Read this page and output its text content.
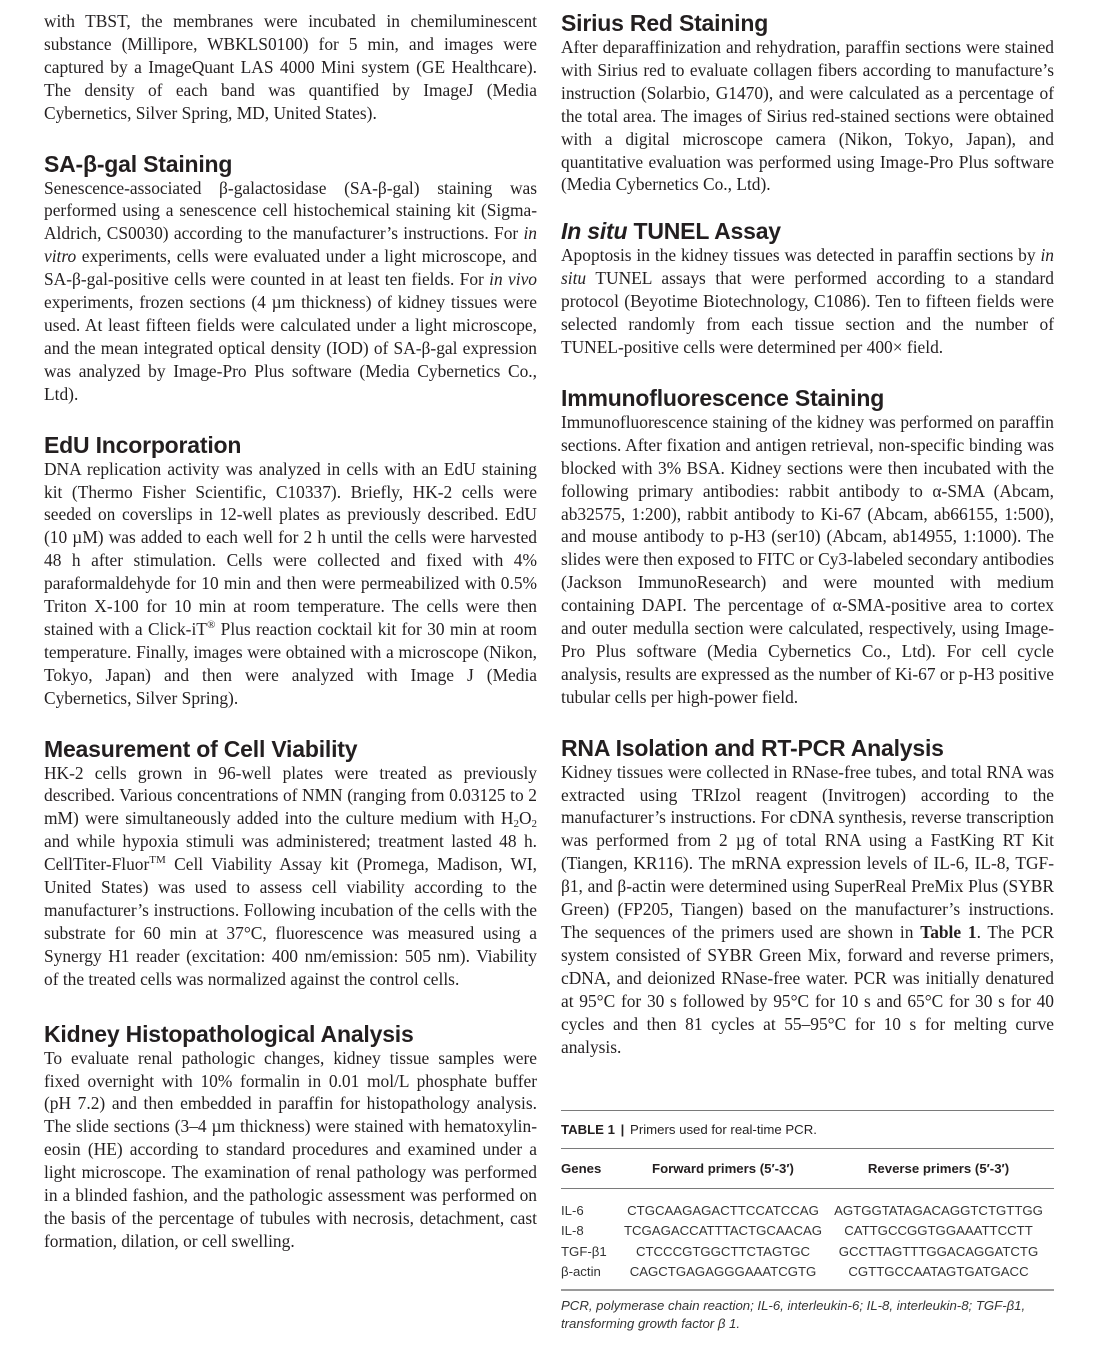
with TBST, the membranes were incubated in chemiluminescent substance (Millipore, WBKLS0100) for 5 min, and images were captured by a ImageQuant LAS 4000 Mini system (GE Healthcare). The density of each band was quantified by ImageJ (Media Cybernetics, Silver Spring, MD, United States).

SA-β-gal Staining

Senescence-associated β-galactosidase (SA-β-gal) staining was performed using a senescence cell histochemical staining kit (Sigma-Aldrich, CS0030) according to the manufacturer’s instructions. For in vitro experiments, cells were evaluated under a light microscope, and SA-β-gal-positive cells were counted in at least ten fields. For in vivo experiments, frozen sections (4 µm thickness) of kidney tissues were used. At least fifteen fields were calculated under a light microscope, and the mean integrated optical density (IOD) of SA-β-gal expression was analyzed by Image-Pro Plus software (Media Cybernetics Co., Ltd).

EdU Incorporation

DNA replication activity was analyzed in cells with an EdU staining kit (Thermo Fisher Scientific, C10337). Briefly, HK-2 cells were seeded on coverslips in 12-well plates as previously described. EdU (10 µM) was added to each well for 2 h until the cells were harvested 48 h after stimulation. Cells were collected and fixed with 4% paraformaldehyde for 10 min and then were permeabilized with 0.5% Triton X-100 for 10 min at room temperature. The cells were then stained with a Click-iT® Plus reaction cocktail kit for 30 min at room temperature. Finally, images were obtained with a microscope (Nikon, Tokyo, Japan) and then were analyzed with Image J (Media Cybernetics, Silver Spring).

Measurement of Cell Viability

HK-2 cells grown in 96-well plates were treated as previously described. Various concentrations of NMN (ranging from 0.03125 to 2 mM) were simultaneously added into the culture medium with $H_2O_2$ and while hypoxia stimuli was administered; treatment lasted 48 h. CellTiter-Fluor™ Cell Viability Assay kit (Promega, Madison, WI, United States) was used to assess cell viability according to the manufacturer’s instructions. Following incubation of the cells with the substrate for 60 min at 37°C, fluorescence was measured using a Synergy H1 reader (excitation: 400 nm/emission: 505 nm). Viability of the treated cells was normalized against the control cells.

Kidney Histopathological Analysis

To evaluate renal pathologic changes, kidney tissue samples were fixed overnight with 10% formalin in 0.01 mol/L phosphate buffer (pH 7.2) and then embedded in paraffin for histopathology analysis. The slide sections (3–4 µm thickness) were stained with hematoxylin-eosin (HE) according to standard procedures and examined under a light microscope. The examination of renal pathology was performed in a blinded fashion, and the pathologic assessment was performed on the basis of the percentage of tubules with necrosis, detachment, cast formation, dilation, or cell swelling.

Sirius Red Staining

After deparaffinization and rehydration, paraffin sections were stained with Sirius red to evaluate collagen fibers according to manufacture’s instruction (Solarbio, G1470), and were calculated as a percentage of the total area. The images of Sirius red-stained sections were obtained with a digital microscope camera (Nikon, Tokyo, Japan), and quantitative evaluation was performed using Image-Pro Plus software (Media Cybernetics Co., Ltd).

In situ TUNEL Assay

Apoptosis in the kidney tissues was detected in paraffin sections by in situ TUNEL assays that were performed according to a standard protocol (Beyotime Biotechnology, C1086). Ten to fifteen fields were selected randomly from each tissue section and the number of TUNEL-positive cells were determined per 400× field.

Immunofluorescence Staining

Immunofluorescence staining of the kidney was performed on paraffin sections. After fixation and antigen retrieval, non-specific binding was blocked with 3% BSA. Kidney sections were then incubated with the following primary antibodies: rabbit antibody to α-SMA (Abcam, ab32575, 1:200), rabbit antibody to Ki-67 (Abcam, ab66155, 1:500), and mouse antibody to p-H3 (ser10) (Abcam, ab14955, 1:1000). The slides were then exposed to FITC or Cy3-labeled secondary antibodies (Jackson ImmunoResearch) and were mounted with medium containing DAPI. The percentage of α-SMA-positive area to cortex and outer medulla section were calculated, respectively, using Image-Pro Plus software (Media Cybernetics Co., Ltd). For cell cycle analysis, results are expressed as the number of Ki-67 or p-H3 positive tubular cells per high-power field.

RNA Isolation and RT-PCR Analysis

Kidney tissues were collected in RNase-free tubes, and total RNA was extracted using TRIzol reagent (Invitrogen) according to the manufacturer’s instructions. For cDNA synthesis, reverse transcription was performed from 2 µg of total RNA using a FastKing RT Kit (Tiangen, KR116). The mRNA expression levels of IL-6, IL-8, TGF-β1, and β-actin were determined using SuperReal PreMix Plus (SYBR Green) (FP205, Tiangen) based on the manufacturer’s instructions. The sequences of the primers used are shown in Table 1. The PCR system consisted of SYBR Green Mix, forward and reverse primers, cDNA, and deionized RNase-free water. PCR was initially denatured at 95°C for 30 s followed by 95°C for 10 s and 65°C for 30 s for 40 cycles and then 81 cycles at 55–95°C for 10 s for melting curve analysis.

TABLE 1 | Primers used for real-time PCR.
Genes	Forward primers (5′-3′)	Reverse primers (5′-3′)
IL-6	CTGCAAGAGACTTCCATCCAG	AGTGGTATAGACAGGTCTGTTGG
IL-8	TCGAGACCATTTACTGCAACAG	CATTGCCGGTGGAAATTCCTT
TGF-β1	CTCCCGTGGCTTCTAGTGC	GCCTTAGTTTGGACAGGATCTG
β-actin	CAGCTGAGAGGGAAATCGTG	CGTTGCCAATAGTGATGACC
PCR, polymerase chain reaction; IL-6, interleukin-6; IL-8, interleukin-8; TGF-β1, transforming growth factor β 1.
